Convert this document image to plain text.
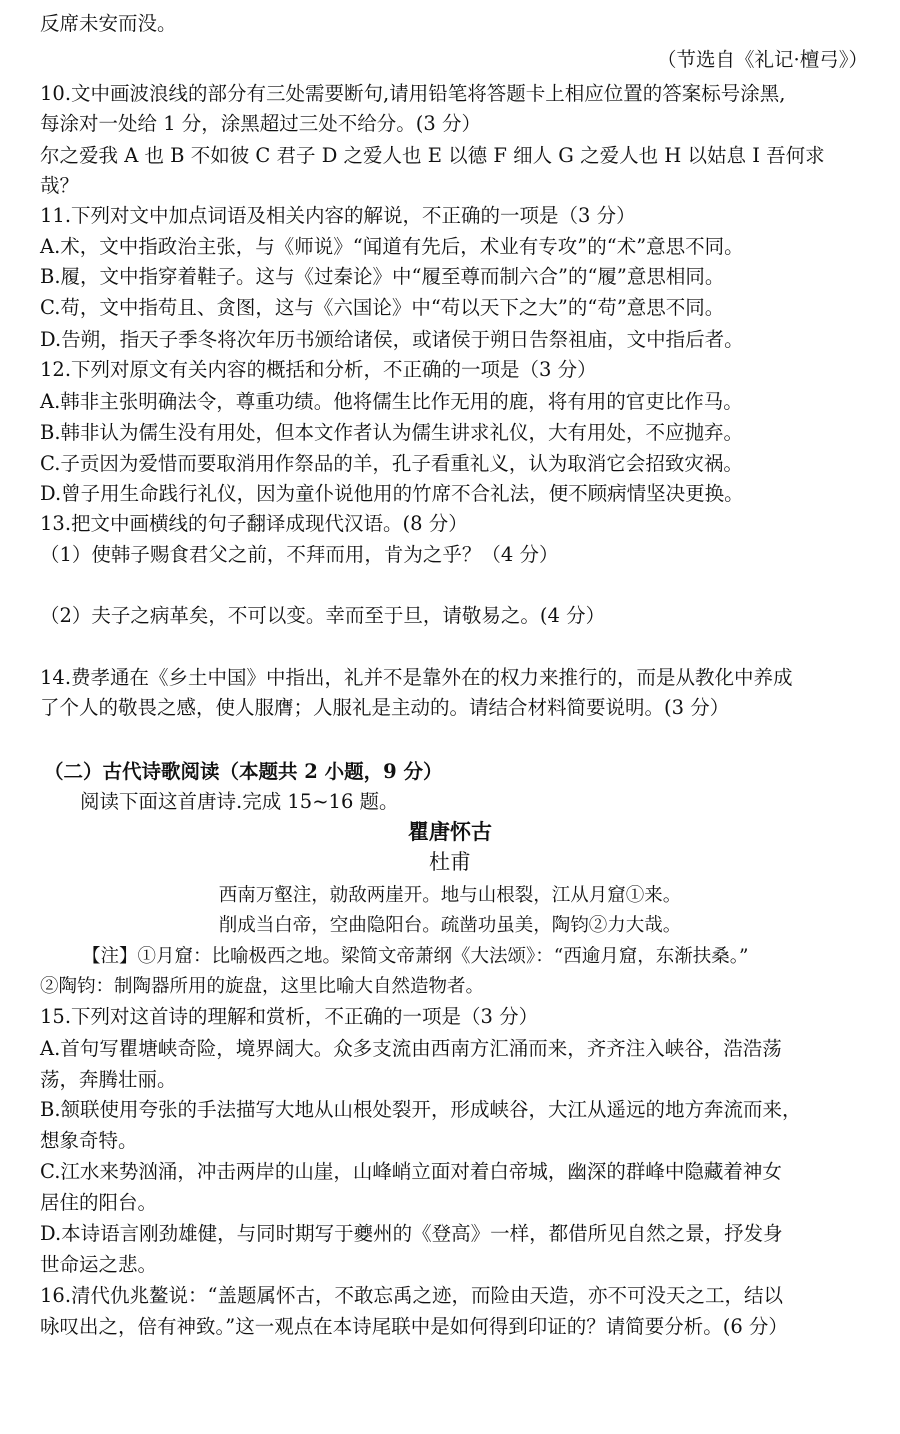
反席未安而没。
（节选自《礼记·檀弓》）
10.文中画波浪线的部分有三处需要断句,请用铅笔将答题卡上相应位置的答案标号涂黑,
每涂对一处给 1 分，涂黑超过三处不给分。(3 分）
尔之爱我 A 也 B 不如彼 C 君子 D 之爱人也 E 以德 F 细人 G 之爱人也 H 以姑息 I 吾何求
哉？
11.下列对文中加点词语及相关内容的解说，不正确的一项是（3 分）
A.术，文中指政治主张，与《师说》“闻道有先后，术业有专攻”的“术”意思不同。
B.履，文中指穿着鞋子。这与《过秦论》中“履至尊而制六合”的“履”意思相同。
C.苟，文中指苟且、贪图，这与《六国论》中“苟以天下之大”的“苟”意思不同。
D.告朔，指天子季冬将次年历书颁给诸侯，或诸侯于朔日告祭祖庙，文中指后者。
12.下列对原文有关内容的概括和分析，不正确的一项是（3 分）
A.韩非主张明确法令，尊重功绩。他将儒生比作无用的鹿，将有用的官吏比作马。
B.韩非认为儒生没有用处，但本文作者认为儒生讲求礼仪，大有用处，不应抛弃。
C.子贡因为爱惜而要取消用作祭品的羊，孔子看重礼义，认为取消它会招致灾祸。
D.曾子用生命践行礼仪，因为童仆说他用的竹席不合礼法，便不顾病情坚决更换。
13.把文中画横线的句子翻译成现代汉语。(8 分）
（1）使韩子赐食君父之前，不拜而用，肯为之乎？（4 分）
（2）夫子之病革矣，不可以变。幸而至于旦，请敬易之。(4 分）
14.费孝通在《乡土中国》中指出，礼并不是靠外在的权力来推行的，而是从教化中养成
了个人的敬畏之感，使人服膺；人服礼是主动的。请结合材料简要说明。(3 分）
（二）古代诗歌阅读（本题共 2 小题，9 分）
阅读下面这首唐诗.完成 15~16 题。
瞿唐怀古
杜甫
西南万壑注，勍敌两崖开。地与山根裂，江从月窟①来。
削成当白帝，空曲隐阳台。疏凿功虽美，陶钧②力大哉。
【注】①月窟：比喻极西之地。梁简文帝萧纲《大法颂》：“西逾月窟，东渐扶桑。”
②陶钧：制陶器所用的旋盘，这里比喻大自然造物者。
15.下列对这首诗的理解和赏析，不正确的一项是（3 分）
A.首句写瞿塘峡奇险，境界阔大。众多支流由西南方汇涌而来，齐齐注入峡谷，浩浩荡
荡，奔腾壮丽。
B.颔联使用夸张的手法描写大地从山根处裂开，形成峡谷，大江从遥远的地方奔流而来，
想象奇特。
C.江水来势汹涌，冲击两岸的山崖，山峰峭立面对着白帝城，幽深的群峰中隐藏着神女
居住的阳台。
D.本诗语言刚劲雄健，与同时期写于夔州的《登高》一样，都借所见自然之景，抒发身
世命运之悲。
16.清代仇兆鳌说：“盖题属怀古，不敢忘禹之迹，而险由天造，亦不可没天之工，结以
咏叹出之，倍有神致。”这一观点在本诗尾联中是如何得到印证的？请简要分析。(6 分）
